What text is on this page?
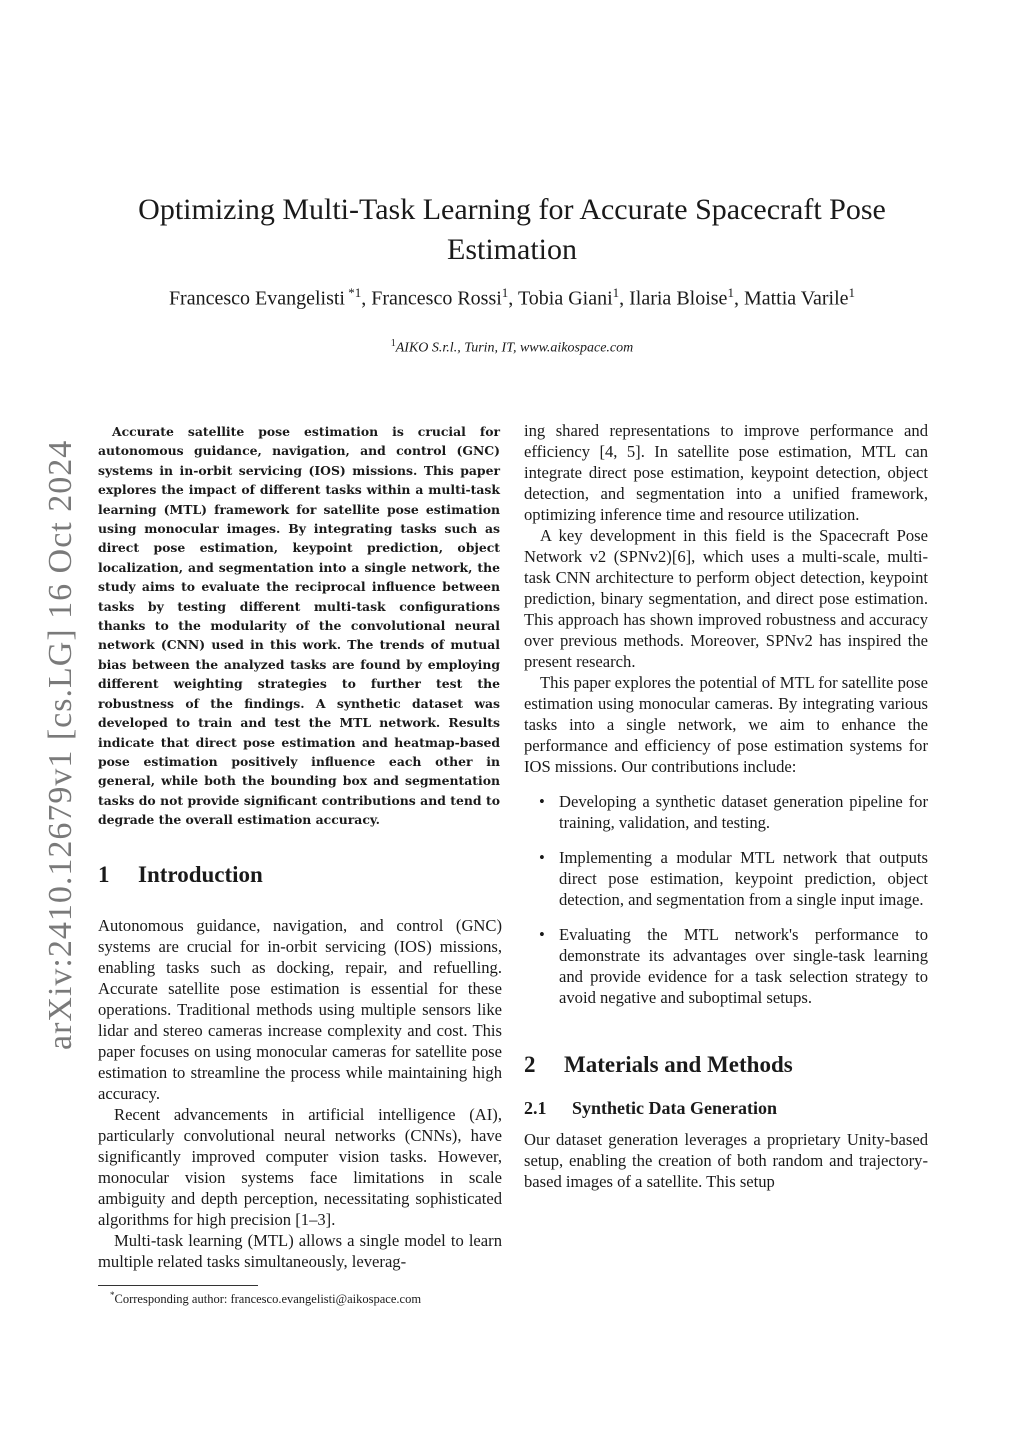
arXiv:2410.12679v1 [cs.LG] 16 Oct 2024
Optimizing Multi-Task Learning for Accurate Spacecraft Pose Estimation
Francesco Evangelisti $^{*1}$, Francesco Rossi$^1$, Tobia Giani$^1$, Ilaria Bloise$^1$, Mattia Varile$^1$
$^1$AIKO S.r.l., Turin, IT, www.aikospace.com

Accurate satellite pose estimation is crucial for autonomous guidance, navigation, and control (GNC) systems in in-orbit servicing (IOS) missions. This paper explores the impact of different tasks within a multi-task learning (MTL) framework for satellite pose estimation using monocular images. By integrating tasks such as direct pose estimation, keypoint prediction, object localization, and segmentation into a single network, the study aims to evaluate the reciprocal influence between tasks by testing different multi-task configurations thanks to the modularity of the convolutional neural network (CNN) used in this work. The trends of mutual bias between the analyzed tasks are found by employing different weighting strategies to further test the robustness of the findings. A synthetic dataset was developed to train and test the MTL network. Results indicate that direct pose estimation and heatmap-based pose estimation positively influence each other in general, while both the bounding box and segmentation tasks do not provide significant contributions and tend to degrade the overall estimation accuracy.

1 Introduction

Autonomous guidance, navigation, and control (GNC) systems are crucial for in-orbit servicing (IOS) missions, enabling tasks such as docking, repair, and refuelling. Accurate satellite pose estimation is essential for these operations. Traditional methods using multiple sensors like lidar and stereo cameras increase complexity and cost. This paper focuses on using monocular cameras for satellite pose estimation to streamline the process while maintaining high accuracy.

Recent advancements in artificial intelligence (AI), particularly convolutional neural networks (CNNs), have significantly improved computer vision tasks. However, monocular vision systems face limitations in scale ambiguity and depth perception, necessitating sophisticated algorithms for high precision [1–3].

Multi-task learning (MTL) allows a single model to learn multiple related tasks simultaneously, leverag-

ing shared representations to improve performance and efficiency [4, 5]. In satellite pose estimation, MTL can integrate direct pose estimation, keypoint detection, object detection, and segmentation into a unified framework, optimizing inference time and resource utilization.

A key development in this field is the Spacecraft Pose Network v2 (SPNv2)[6], which uses a multi-scale, multi-task CNN architecture to perform object detection, keypoint prediction, binary segmentation, and direct pose estimation. This approach has shown improved robustness and accuracy over previous methods. Moreover, SPNv2 has inspired the present research.

This paper explores the potential of MTL for satellite pose estimation using monocular cameras. By integrating various tasks into a single network, we aim to enhance the performance and efficiency of pose estimation systems for IOS missions. Our contributions include:

• Developing a synthetic dataset generation pipeline for training, validation, and testing.
• Implementing a modular MTL network that outputs direct pose estimation, keypoint prediction, object detection, and segmentation from a single input image.
• Evaluating the MTL network's performance to demonstrate its advantages over single-task learning and provide evidence for a task selection strategy to avoid negative and suboptimal setups.
2 Materials and Methods
2.1 Synthetic Data Generation

Our dataset generation leverages a proprietary Unity-based setup, enabling the creation of both random and trajectory-based images of a satellite. This setup

*Corresponding author: francesco.evangelisti@aikospace.com
